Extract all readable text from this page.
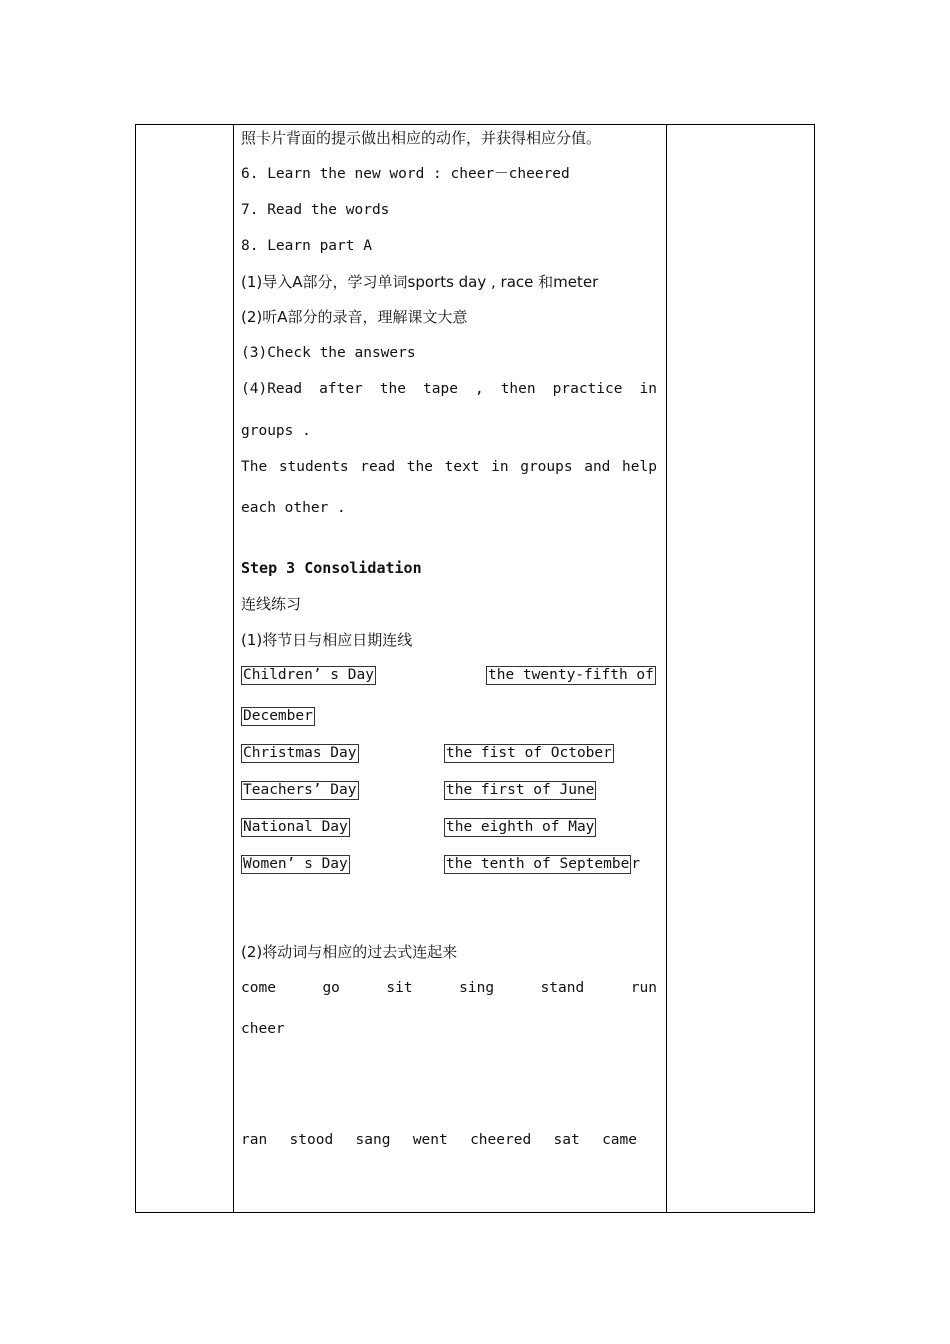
照卡片背面的提示做出相应的动作，并获得相应分值。
6. Learn the new word : cheer－cheered
7. Read the words
8. Learn part A
(1)导入A部分，学习单词sports day , race 和meter
(2)听A部分的录音，理解课文大意
(3)Check the answers
(4)Read after the tape , then practice in
groups .
The students read the text in groups and help
each other .
Step 3 Consolidation
连线练习
(1)将节日与相应日期连线
Children’ s Day	the twenty-fifth of
December
Christmas Day	the fist of October
Teachers’ Day	the first of June
National Day	the eighth of May
Women’ s Day	the tenth of Septembe r
(2)将动词与相应的过去式连起来
come	go	sit	sing	stand	run
cheer
ran stood sang went cheered sat came
